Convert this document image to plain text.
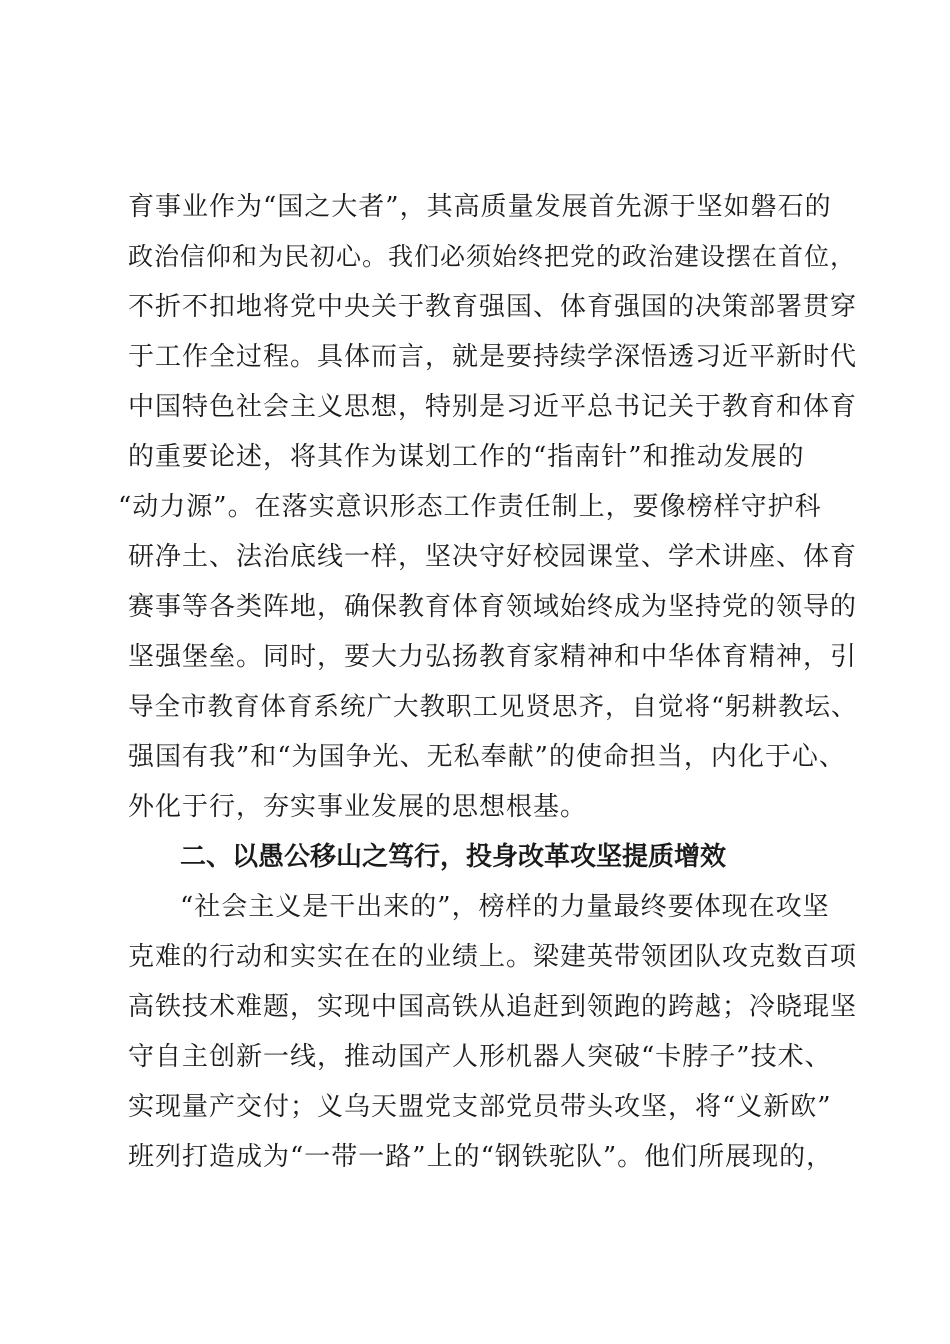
育事业作为“国之大者”，其高质量发展首先源于坚如磐石的
政治信仰和为民初心。我们必须始终把党的政治建设摆在首位，
不折不扣地将党中央关于教育强国、体育强国的决策部署贯穿
于工作全过程。具体而言，就是要持续学深悟透习近平新时代
中国特色社会主义思想，特别是习近平总书记关于教育和体育
的重要论述，将其作为谋划工作的“指南针”和推动发展的
“动力源”。在落实意识形态工作责任制上，要像榜样守护科
研净土、法治底线一样，坚决守好校园课堂、学术讲座、体育
赛事等各类阵地，确保教育体育领域始终成为坚持党的领导的
坚强堡垒。同时，要大力弘扬教育家精神和中华体育精神，引
导全市教育体育系统广大教职工见贤思齐，自觉将“躬耕教坛、
强国有我”和“为国争光、无私奉献”的使命担当，内化于心、
外化于行，夯实事业发展的思想根基。
二、以愚公移山之笃行，投身改革攻坚提质增效
“社会主义是干出来的”，榜样的力量最终要体现在攻坚
克难的行动和实实在在的业绩上。梁建英带领团队攻克数百项
高铁技术难题，实现中国高铁从追赶到领跑的跨越；冷晓琨坚
守自主创新一线，推动国产人形机器人突破“卡脖子”技术、
实现量产交付；义乌天盟党支部党员带头攻坚，将“义新欧”
班列打造成为“一带一路”上的“钢铁驼队”。他们所展现的，
